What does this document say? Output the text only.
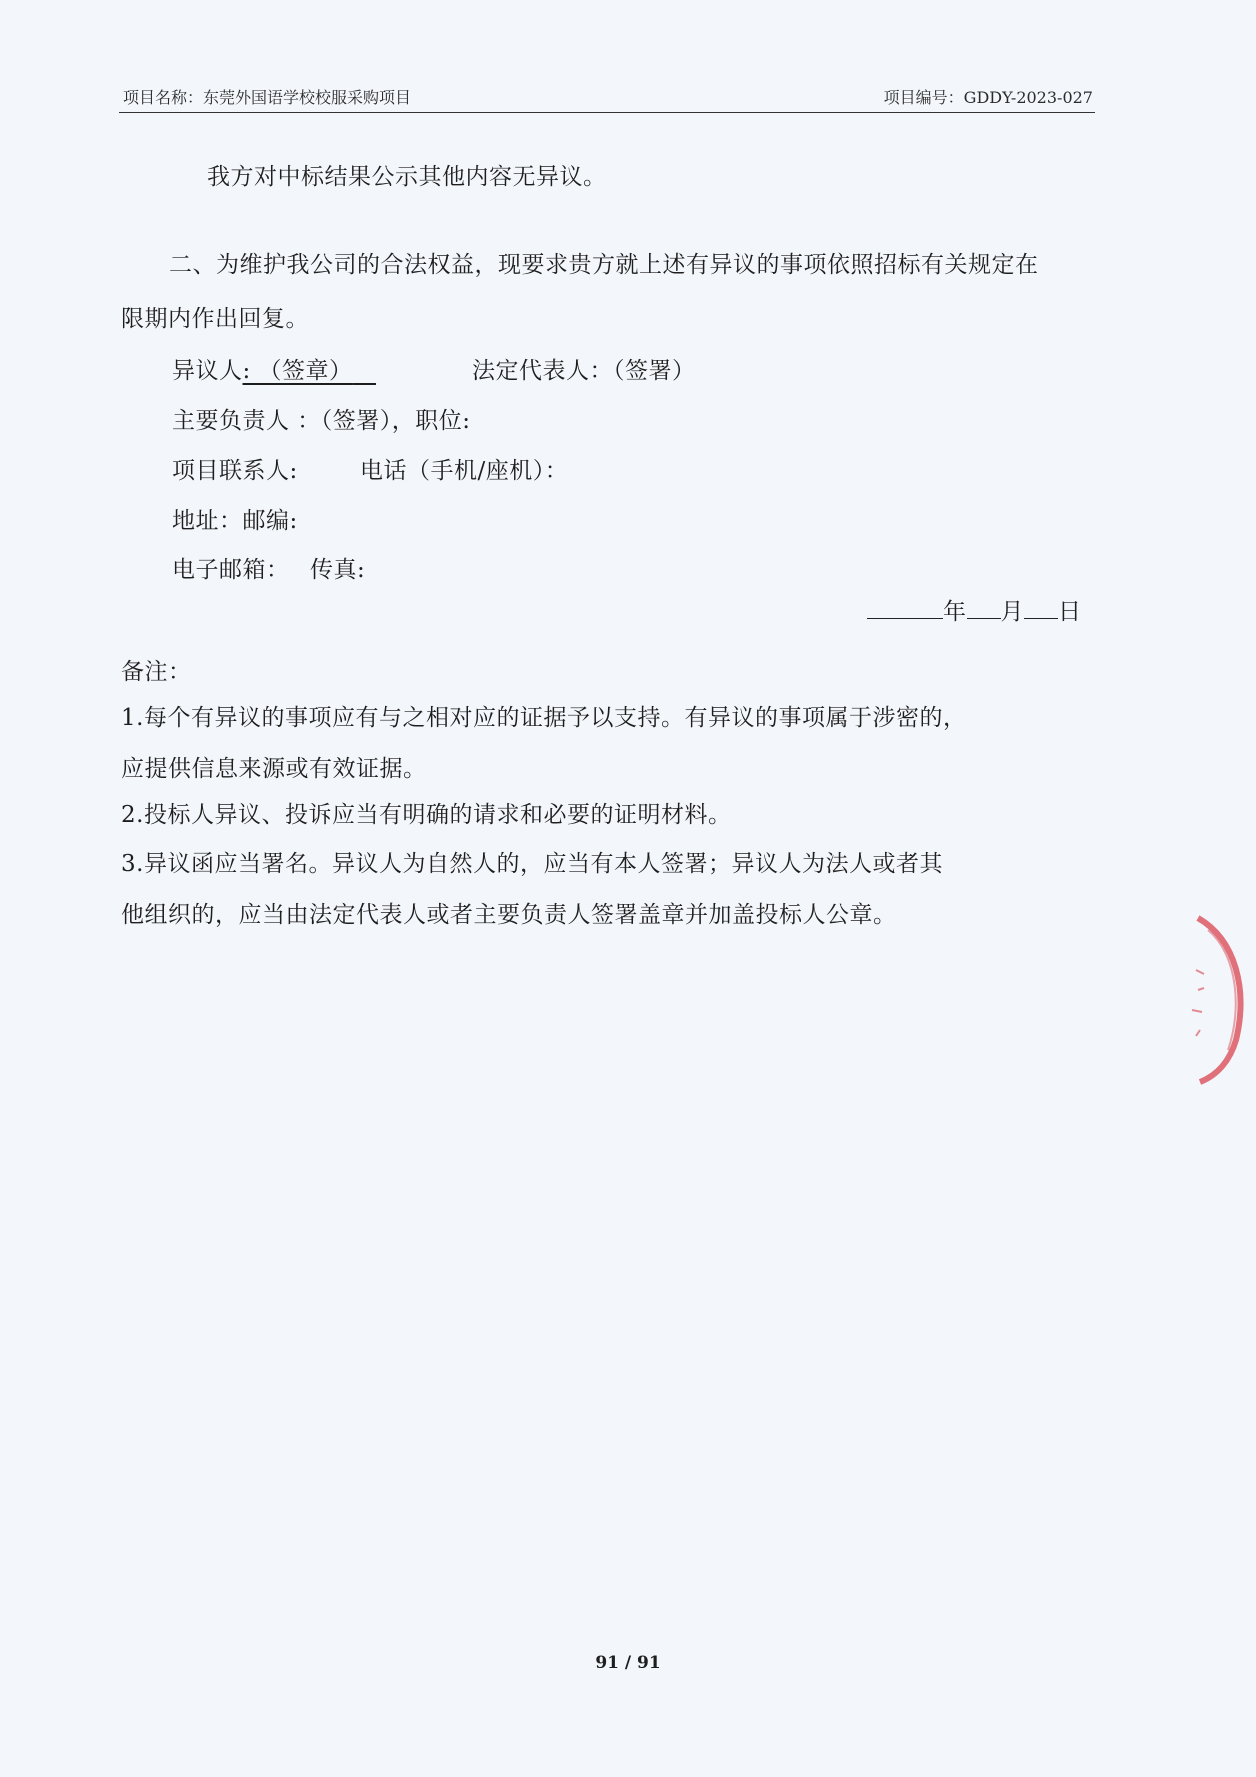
项目名称：东莞外国语学校校服采购项目	项目编号：GDDY-2023-027
我方对中标结果公示其他内容无异议。
二、为维护我公司的合法权益，现要求贵方就上述有异议的事项依照招标有关规定在
限期内作出回复。
异议人: （签章）	法定代表人：（签署）
主要负责人 ：（签署），职位:
项目联系人:	电话（手机/座机）：
地址：邮编:
电子邮箱： 传真:
年 月 日
备注：
1.每个有异议的事项应有与之相对应的证据予以支持。有异议的事项属于涉密的，
应提供信息来源或有效证据。
2.投标人异议、投诉应当有明确的请求和必要的证明材料。
3.异议函应当署名。异议人为自然人的，应当有本人签署；异议人为法人或者其
他组织的，应当由法定代表人或者主要负责人签署盖章并加盖投标人公章。
91 / 91
